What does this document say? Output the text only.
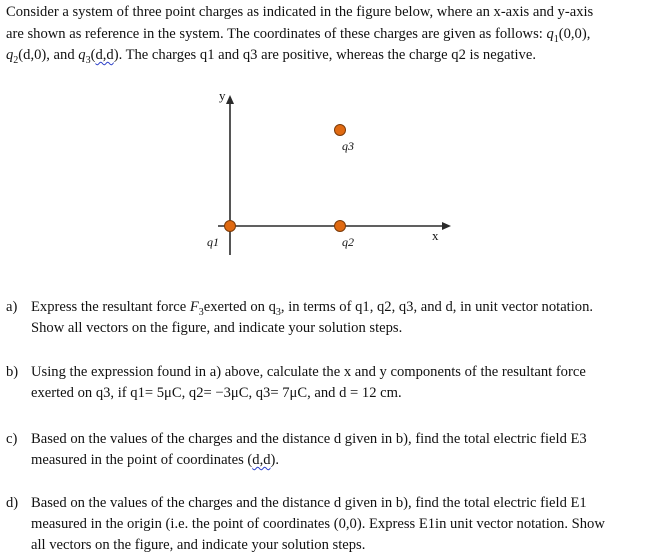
Consider a system of three point charges as indicated in the figure below, where an x-axis and y-axis
are shown as reference in the system. The coordinates of these charges are given as follows: $q_1(0,0)$,
$q_2(d,0)$, and $q_3(d,d)$. The charges q1 and q3 are positive, whereas the charge q2 is negative.
y
x
q1	q2
q3
a) Express the resultant force $F_3exerted$ on $q_3$, in terms of q1, q2, q3, and d, in unit vector notation.
Show all vectors on the figure, and indicate your solution steps.
b) Using the expression found in a) above, calculate the x and y components of the resultant force
exerted on q3, if q1= 5μC, q2= −3μC, q3= 7μC, and d = 12 cm.
c) Based on the values of the charges and the distance d given in b), find the total electric field E3
measured in the point of coordinates (d,d).
d) Based on the values of the charges and the distance d given in b), find the total electric field E1
measured in the origin (i.e. the point of coordinates (0,0). Express E1in unit vector notation. Show
all vectors on the figure, and indicate your solution steps.
